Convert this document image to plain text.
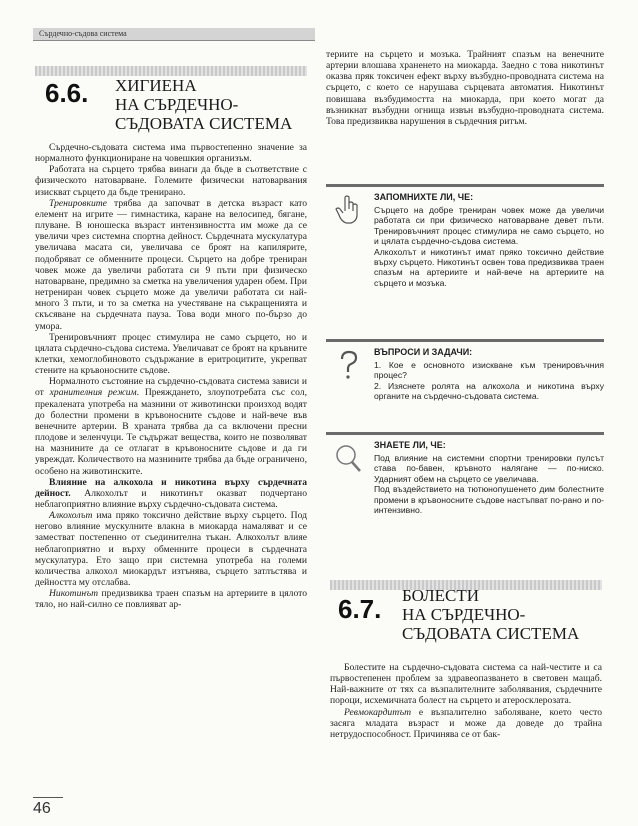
Сърдечно-съдова система
6.6. ХИГИЕНА
НА СЪРДЕЧНО-
СЪДОВАТА СИСТЕМА

Сърдечно-съдовата система има първостепенно значение за нормалното функциониране на човешкия организъм.

Работата на сърцето трябва винаги да бъде в съответствие с физическото натоварване. Големите физически натоварвания изискват сърцето да бъде тренирано.

Тренировките трябва да започват в детска възраст като елемент на игрите — гимнастика, каране на велосипед, бягане, плуване. В юношеска възраст интензивността им може да се увеличи чрез системна спортна дейност. Сърдечната мускулатура увеличава масата си, увеличава се броят на капилярите, подобряват се обменните процеси. Сърцето на добре трениран човек може да увеличи работата си 9 пъти при физическо натоварване, предимно за сметка на увеличения ударен обем. При нетрениран човек сърцето може да увеличи работата си най-много 3 пъти, и то за сметка на учестяване на съкращенията и скъсяване на сърдечната пауза. Това води много по-бързо до умора.

Тренировъчният процес стимулира не само сърцето, но и цялата сърдечно-съдова система. Увеличават се броят на кръвните клетки, хемоглобиновото съдържание в еритроцитите, укрепват стените на кръвоносните съдове.

Нормалното състояние на сърдечно-съдовата система зависи и от хранителния режим. Преяждането, злоупотребата със сол, прекалената употреба на мазнини от животински произход водят до болестни промени в кръвоносните съдове и най-вече във венечните артерии. В храната трябва да са включени пресни плодове и зеленчуци. Те съдържат вещества, които не позволяват на мазнините да се отлагат в кръвоносните съдове и да ги увреждат. Количеството на мазнините трябва да бъде ограничено, особено на животинските.

Влияние на алкохола и никотина върху сърдечната дейност. Алкохолът и никотинът оказват подчертано неблагоприятно влияние върху сърдечно-съдовата система.

Алкохолът има пряко токсично действие върху сърцето. Под негово влияние мускулните влакна в миокарда намаляват и се заместват постепенно от съединителна тъкан. Алкохолът влияе неблагоприятно и върху обменните процеси в сърдечната мускулатура. Ето защо при системна употреба на големи количества алкохол миокардът изтънява, сърцето затлъстява и дейността му отслабва.

Никотинът предизвиква траен спазъм на артериите в цялото тяло, но най-силно се повлияват ар-

териите на сърцето и мозъка. Трайният спазъм на венечните артерии влошава храненето на миокарда. Заедно с това никотинът оказва пряк токсичен ефект върху възбудно-проводната система на сърцето, с което се нарушава сърцевата автоматия. Никотинът повишава възбудимостта на миокарда, при което могат да възникнат възбудни огнища извън възбудно-проводната система. Това предизвиква нарушения в сърдечния ритъм.

ЗАПОМНИХТЕ ЛИ, ЧЕ:

Сърцето на добре трениран човек може да увеличи работата си при физическо натоварване девет пъти. Тренировъчният процес стимулира не само сърцето, но и цялата сърдечно-съдова система.

Алкохолът и никотинът имат пряко токсично действие върху сърцето. Никотинът освен това предизвиква траен спазъм на артериите и най-вече на артериите на сърцето и мозъка.

ВЪПРОСИ И ЗАДАЧИ:

1. Кое е основното изискване към тренировъчния процес?

2. Изяснете ролята на алкохола и никотина върху органите на сърдечно-съдовата система.

ЗНАЕТЕ ЛИ, ЧЕ:

Под влияние на системни спортни тренировки пулсът става по-бавен, кръвното налягане — по-ниско. Ударният обем на сърцето се увеличава.

Под въздействието на тютюнопушенето дим болестните промени в кръвоносните съдове настъпват по-рано и по-интензивно.

6.7. БОЛЕСТИ
НА СЪРДЕЧНО-
СЪДОВАТА СИСТЕМА

Болестите на сърдечно-съдовата система са най-честите и са първостепенен проблем за здравеопазването в световен мащаб. Най-важните от тях са възпалителните заболявания, сърдечните пороци, исхемичната болест на сърцето и атеросклерозата.

Ревмокардитът е възпалително заболяване, което често засяга младата възраст и може да доведе до трайна нетрудоспособност. Причинява се от бак-

46
